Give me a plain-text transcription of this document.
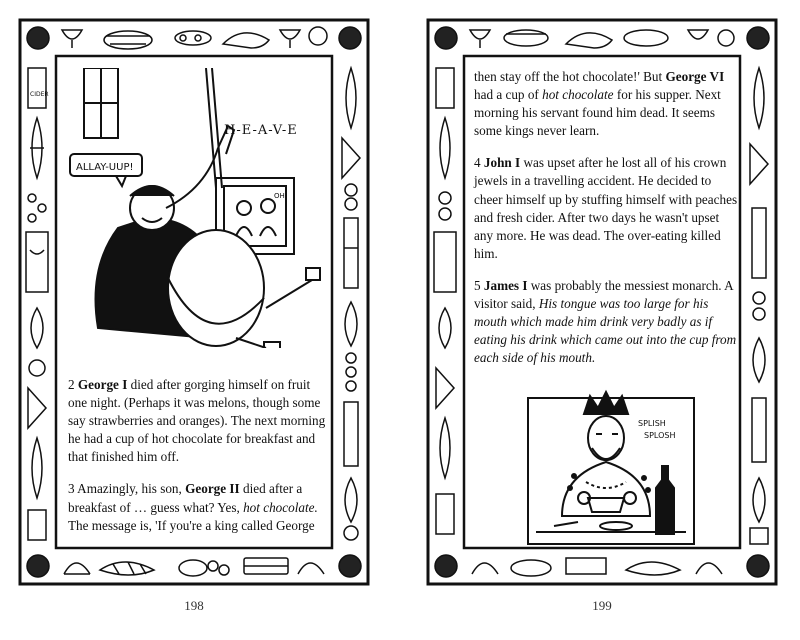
CIDER
ALLAY-UUP!
H-E-A-V-E
OH

2 George I died after gorging himself on fruit one night. (Perhaps it was melons, though some say strawberries and oranges). The next morning he had a cup of hot chocolate for breakfast and that finished him off.

3 Amazingly, his son, George II died after a breakfast of … guess what? Yes, hot chocolate. The message is, 'If you're a king called George

198

then stay off the hot chocolate!' But George VI had a cup of hot chocolate for his supper. Next morning his servant found him dead. It seems some kings never learn.

4 John I was upset after he lost all of his crown jewels in a travelling accident. He decided to cheer himself up by stuffing himself with peaches and fresh cider. After two days he wasn't upset any more. He was dead. The over-eating killed him.

5 James I was probably the messiest monarch. A visitor said, His tongue was too large for his mouth which made him drink very badly as if eating his drink which came out into the cup from each side of his mouth.

SPLISH
SPLOSH
199
